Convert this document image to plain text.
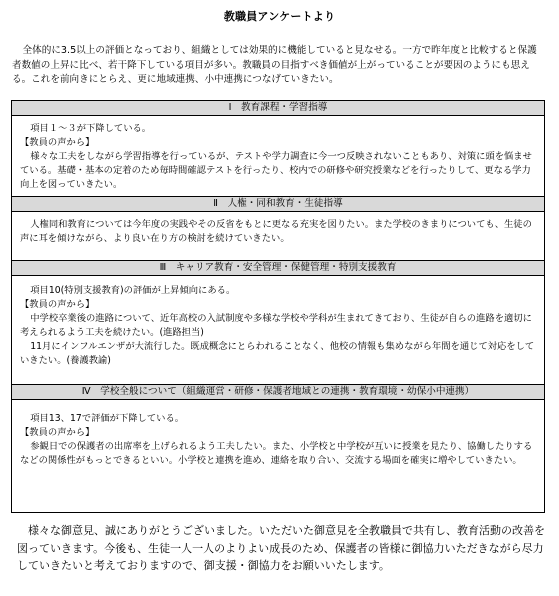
教職員アンケートより

全体的に3.5以上の評価となっており、組織としては効果的に機能していると見なせる。一方で昨年度と比較すると保護者数値の上昇に比べ、若干降下している項目が多い。教職員の目指すべき価値が上がっていることが要因のようにも思える。これを前向きにとらえ、更に地域連携、小中連携につなげていきたい。

Ⅰ　教育課程・学習指導

項目１～３が下降している。

【教員の声から】

様々な工夫をしながら学習指導を行っているが、テストや学力調査に今一つ反映されないこともあり、対策に頭を悩ませている。基礎・基本の定着のため毎時間確認テストを行ったり、校内での研修や研究授業などを行ったりして、更なる学力向上を図っていきたい。

Ⅱ　人権・同和教育・生徒指導

人権同和教育については今年度の実践やその反省をもとに更なる充実を図りたい。また学校のきまりについても、生徒の声に耳を傾けながら、より良い在り方の検討を続けていきたい。

Ⅲ　キャリア教育・安全管理・保健管理・特別支援教育

項目10(特別支援教育)の評価が上昇傾向にある。

【教員の声から】

中学校卒業後の進路について、近年高校の入試制度や多様な学校や学科が生まれてきており、生徒が自らの進路を適切に考えられるよう工夫を続けたい。(進路担当)

11月にインフルエンザが大流行した。既成概念にとらわれることなく、他校の情報も集めながら年間を通じて対応をしていきたい。(養護教諭)

Ⅳ　学校全般について（組織運営・研修・保護者地域との連携・教育環境・幼保小中連携）

項目13、17で評価が下降している。

【教員の声から】

参観日での保護者の出席率を上げられるよう工夫したい。また、小学校と中学校が互いに授業を見たり、協働したりするなどの関係性がもっとできるといい。小学校と連携を進め、連絡を取り合い、交流する場面を確実に増やしていきたい。

様々な御意見、誠にありがとうございました。いただいた御意見を全教職員で共有し、教育活動の改善を図っていきます。今後も、生徒一人一人のよりよい成長のため、保護者の皆様に御協力いただきながら尽力していきたいと考えておりますので、御支援・御協力をお願いいたします。
